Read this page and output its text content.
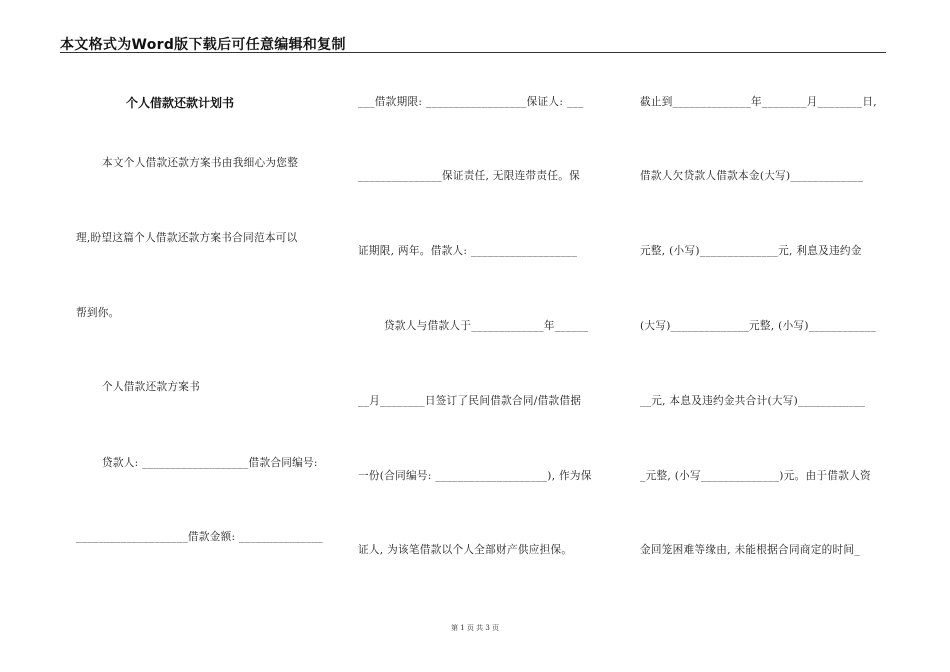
本文格式为Word版下载后可任意编辑和复制
个人借款还款计划书
本文个人借款还款方案书由我细心为您整
理,盼望这篇个人借款还款方案书合同范本可以
帮到你。
个人借款还款方案书
贷款人: ___________________借款合同编号:
____________________借款金额: _______________
___借款期限: __________________保证人: ___
_______________保证责任, 无限连带责任。保
证期限, 两年。借款人: ___________________
贷款人与借款人于_____________年______
__月________日签订了民间借款合同/借款借据
一份(合同编号: ____________________), 作为保
证人, 为该笔借款以个人全部财产供应担保。
截止到______________年________月________日,
借款人欠贷款人借款本金(大写)_____________
元整, (小写)______________元, 利息及违约金
(大写)______________元整, (小写)____________
__元, 本息及违约金共合计(大写)____________
_元整, (小写______________)元。由于借款人资
金回笼困难等缘由, 未能根据合同商定的时间_
第 1 页 共 3 页
